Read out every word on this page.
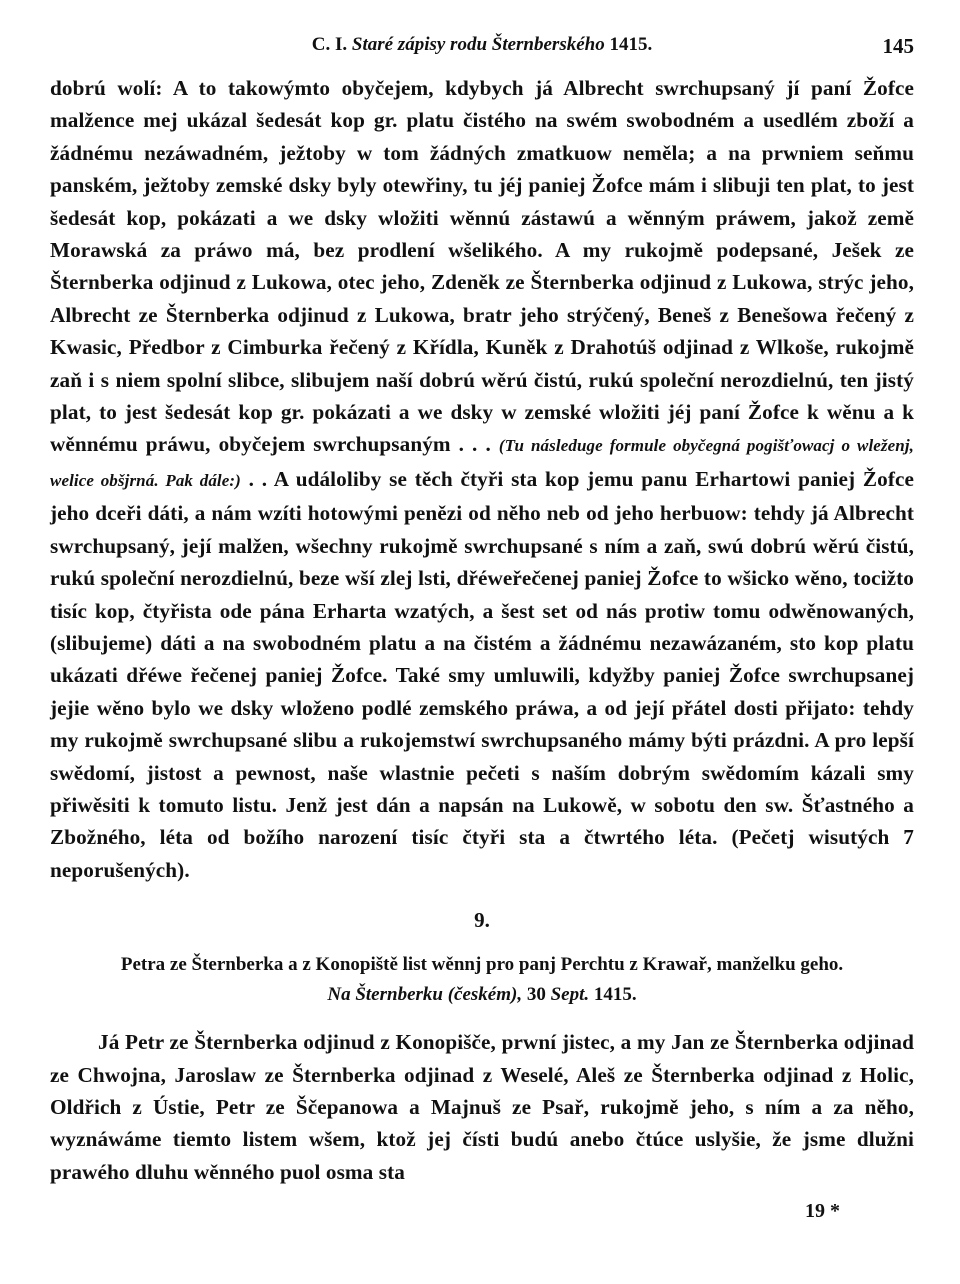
C. I. Staré zápisy rodu Šternberského 1415.	145

dobrú wolí: A to takowýmto obyčejem, kdybych já Albrecht swrchupsaný jí paní Žofce malžence mej ukázal šedesát kop gr. platu čistého na swém swobodném a usedlém zboží a žádnému nezáwadném, ježtoby w tom žádných zmatkuow neměla; a na prwniem seňmu panském, ježtoby zemské dsky byly otewřiny, tu jéj paniej Žofce mám i slibuji ten plat, to jest šedesát kop, pokázati a we dsky wložiti wěnnú zástawú a wěnným práwem, jakož země Morawská za práwo má, bez prodlení wšelikého. A my rukojmě podepsané, Ješek ze Šternberka odjinud z Lukowa, otec jeho, Zdeněk ze Šternberka odjinud z Lukowa, strýc jeho, Albrecht ze Šternberka odjinud z Lukowa, bratr jeho strýčený, Beneš z Benešowa řečený z Kwasic, Předbor z Cimburka řečený z Křídla, Kuněk z Drahotúš odjinad z Wlkoše, rukojmě zaň i s niem spolní slibce, slibujem naší dobrú wěrú čistú, rukú společní nerozdielnú, ten jistý plat, to jest šedesát kop gr. pokázati a we dsky w zemské wložiti jéj paní Žofce k wěnu a k wěnnému práwu, obyčejem swrchupsaným . . . (Tu následuge formule obyčegná pogišťowacj o wleženj, welice obšjrná. Pak dále:) . . A událoliby se těch čtyři sta kop jemu panu Erhartowi paniej Žofce jeho dceři dáti, a nám wzíti hotowými penězi od něho neb od jeho herbuow: tehdy já Albrecht swrchupsaný, její malžen, wšechny rukojmě swrchupsané s ním a zaň, swú dobrú wěrú čistú, rukú společní nerozdielnú, beze wší zlej lsti, dřéweřečenej paniej Žofce to wšicko wěno, tocižto tisíc kop, čtyřista ode pána Erharta wzatých, a šest set od nás protiw tomu odwěnowaných, (slibujeme) dáti a na swobodném platu a na čistém a žádnému nezawázaném, sto kop platu ukázati dřéwe řečenej paniej Žofce. Také smy umluwili, kdyžby paniej Žofce swrchupsanej jejie wěno bylo we dsky wloženo podlé zemského práwa, a od její přátel dosti přijato: tehdy my rukojmě swrchupsané slibu a rukojemstwí swrchupsaného mámy býti prázdni. A pro lepší swědomí, jistost a pewnost, naše wlastnie pečeti s naším dobrým swědomím kázali smy přiwěsiti k tomuto listu. Jenž jest dán a napsán na Lukowě, w sobotu den sw. Šťastného a Zbožného, léta od božího narození tisíc čtyři sta a čtwrtého léta. (Pečetj wisutých 7 neporušených).

9.
Petra ze Šternberka a z Konopiště list wěnnj pro panj Perchtu z Krawař, manželku geho.
Na Šternberku (českém), 30 Sept. 1415.
Já Petr ze Šternberka odjinud z Konopišče, prwní jistec, a my Jan ze Šternberka odjinad ze Chwojna, Jaroslaw ze Šternberka odjinad z Weselé, Aleš ze Šternberka odjinad z Holic, Oldřich z Ústie, Petr ze Ščepanowa a Majnuš ze Psař, rukojmě jeho, s ním a za něho, wyznáwáme tiemto listem wšem, ktož jej čísti budú anebo čtúce uslyšie, že jsme dlužni prawého dluhu wěnného puol osma sta
19 *
